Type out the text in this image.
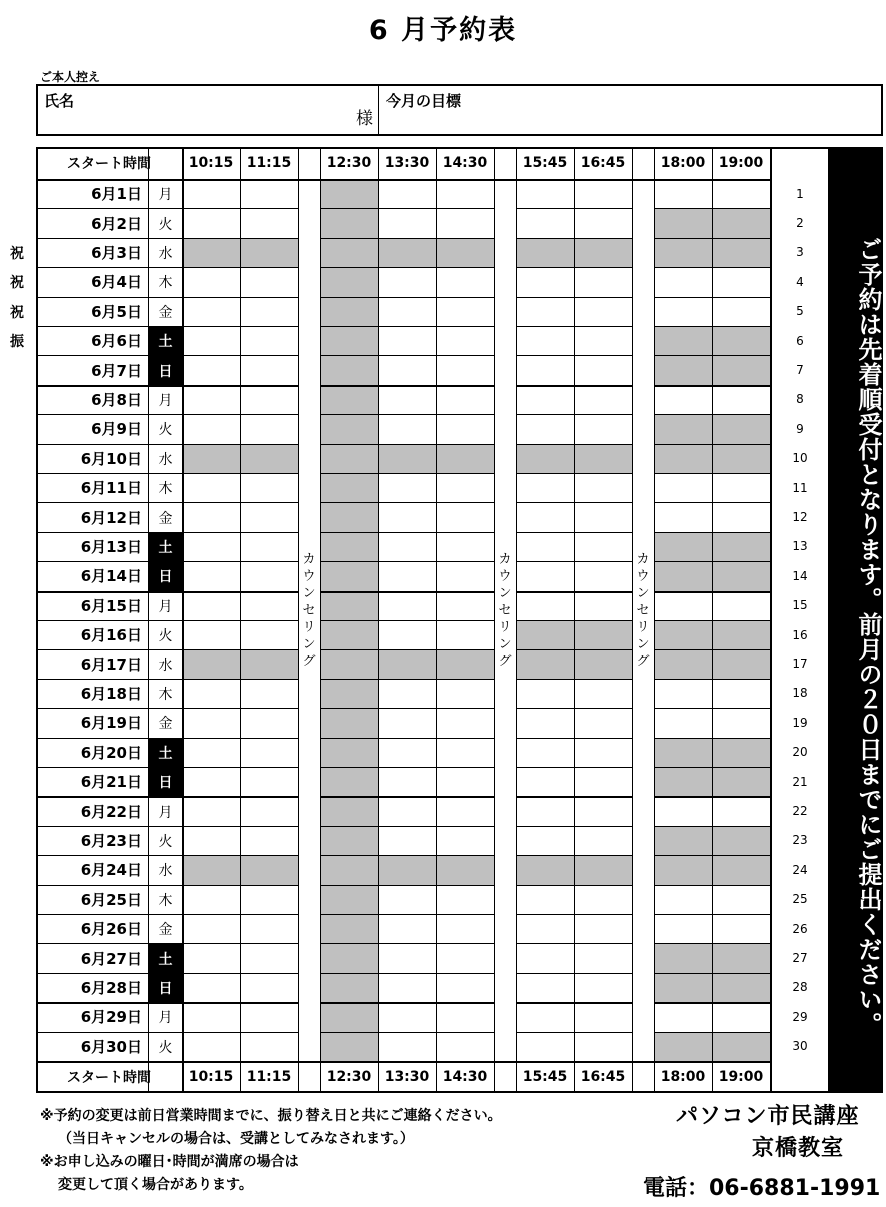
6 月予約表
ご本人控え
氏名
様
今月の目標
祝
祝
祝
振
スタート時間	10:15 11:15	12:30 13:30 14:30	15:45 16:45	18:00 19:00
スタート時間	10:15 11:15	12:30 13:30 14:30	15:45 16:45	18:00 19:00
6月1日	月	1
6月2日	火	2
6月3日	水	3
6月4日	木	4
6月5日	金	5
6月6日	土	6
6月7日	日	7
6月8日	月	8
6月9日	火	9
6月10日	水	10
6月11日	木	11
6月12日	金	12
6月13日	土	13
6月14日	日	14
6月15日	月	15
6月16日	火	16
6月17日	水	17
6月18日	木	18
6月19日	金	19
6月20日	土	20
6月21日	日	21
6月22日	月	22
6月23日	火	23
6月24日	水	24
6月25日	木	25
6月26日	金	26
6月27日	土	27
6月28日	日	28
6月29日	月	29
6月30日	火	30
カ
ウ
ン
セ
リ
ン
グ
カ
ウ
ン
セ
リ
ン
グ
カ
ウ
ン
セ
リ
ン
グ	ご予約は先着順受付となります。前月の２０日までにご提出ください。
※予約の変更は前日営業時間までに、振り替え日と共にご連絡ください。
（当日キャンセルの場合は、受講としてみなされます。）
※お申し込みの曜日･時間が満席の場合は
変更して頂く場合があります。
パソコン市民講座
京橋教室
電話：06-6881-1991
